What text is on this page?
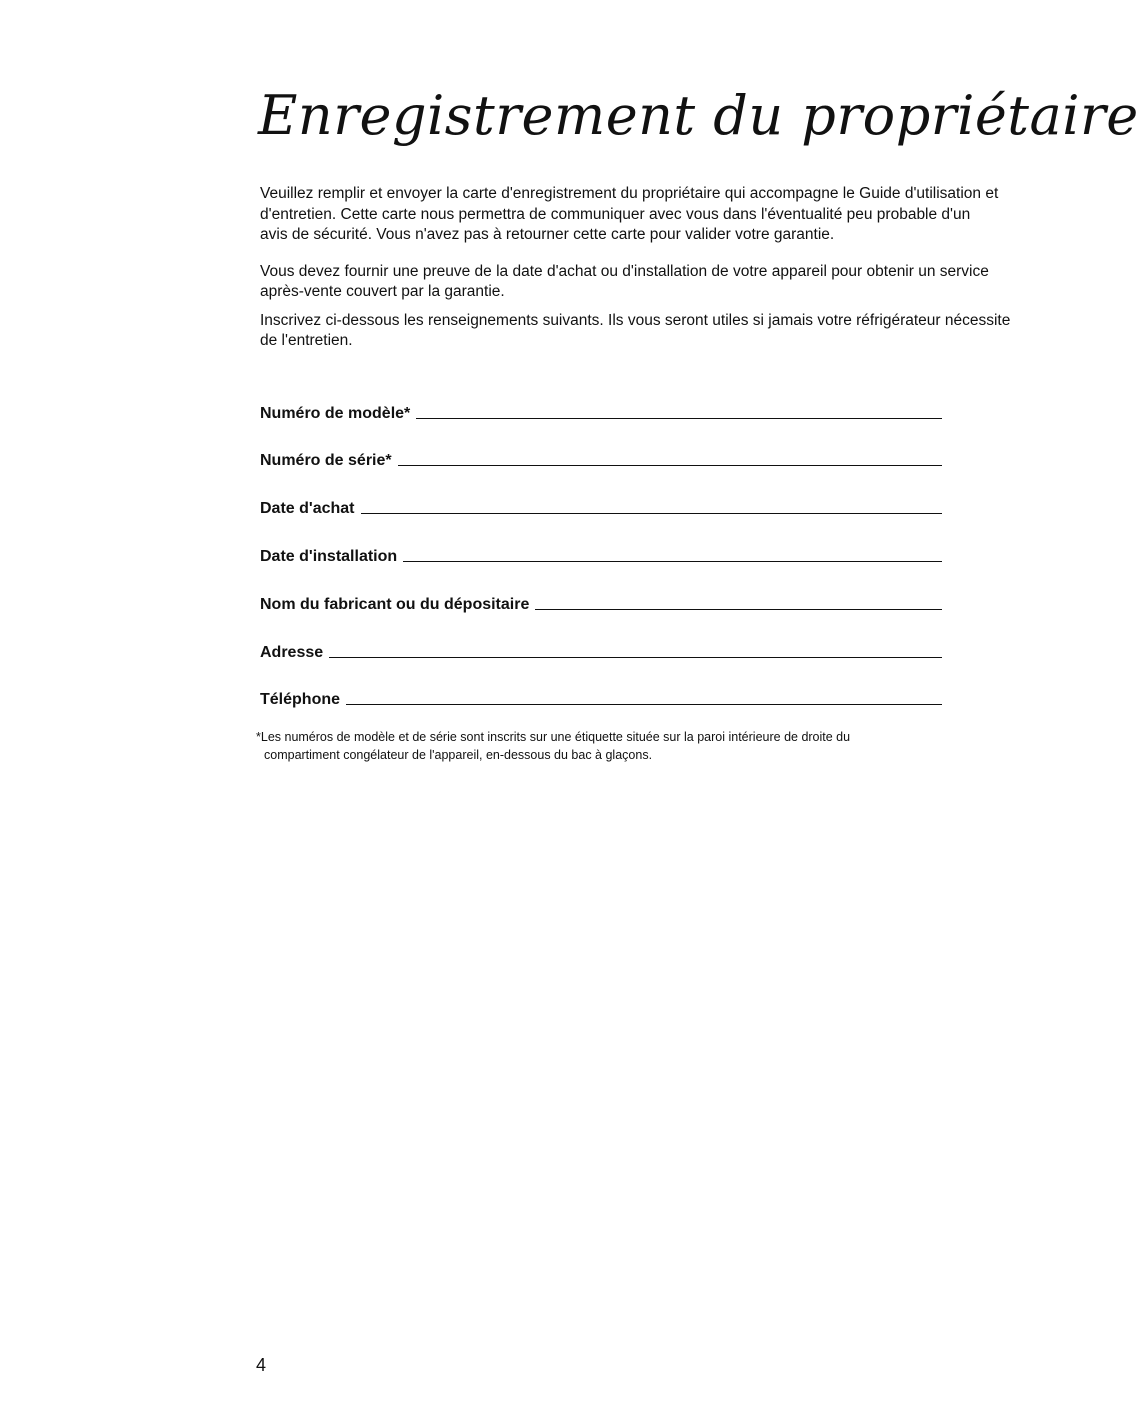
Enregistrement du propriétaire

Veuillez remplir et envoyer la carte d'enregistrement du propriétaire qui accompagne le Guide d'utilisation et d'entretien. Cette carte nous permettra de communiquer avec vous dans l'éventualité peu probable d'un avis de sécurité. Vous n'avez pas à retourner cette carte pour valider votre garantie.

Vous devez fournir une preuve de la date d'achat ou d'installation de votre appareil pour obtenir un service après-vente couvert par la garantie.

Inscrivez ci-dessous les renseignements suivants. Ils vous seront utiles si jamais votre réfrigérateur nécessite de l'entretien.

Numéro de modèle*
Numéro de série*
Date d'achat
Date d'installation
Nom du fabricant ou du dépositaire
Adresse
Téléphone

*Les numéros de modèle et de série sont inscrits sur une étiquette située sur la paroi intérieure de droite du
compartiment congélateur de l'appareil, en-dessous du bac à glaçons.

4
